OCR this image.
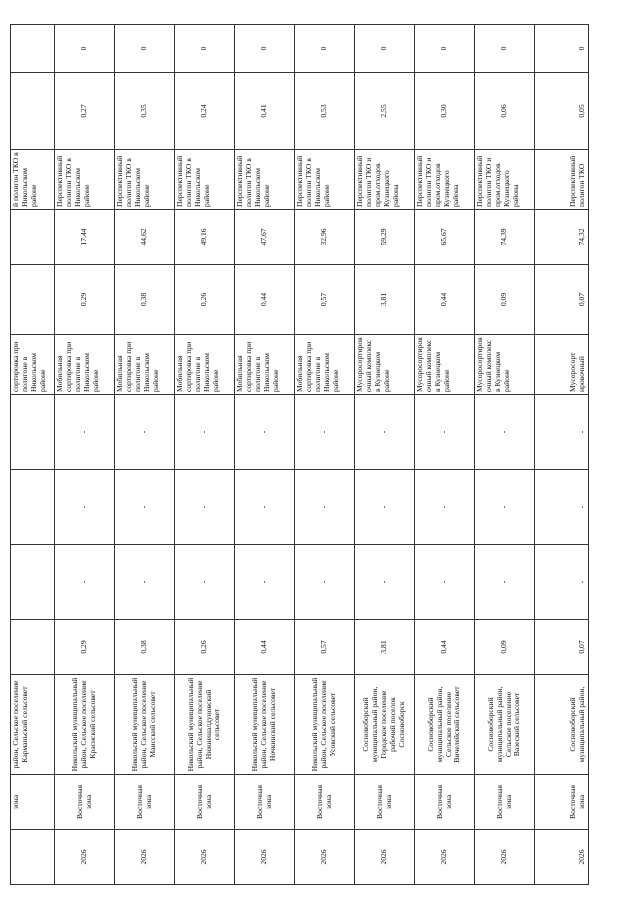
	зона	район, Сельское поселение Карманьский сельсовет					сортировка при полигоне в Никольском районе			й полигон ТКО в Никольском районе		
2026	Восточная зона	Никольский муниципальный район, Сельское поселение Краснский сельсовет	0,29	-	-	-	Мобильная сортировка при полигоне в Никольском районе	0,29	17,44	Перспективный полигон ТКО в Никольском районе	0,27	0
2026	Восточная зона	Никольский муниципальный район, Сельское поселение Маисский сельсовет	0,38	-	-	-	Мобильная сортировка при полигоне в Никольском районе	0,38	44,62	Перспективный полигон ТКО в Никольском районе	0,35	0
2026	Восточная зона	Никольский муниципальный район, Сельское поселение Нижнешалдуновский сельсовет	0,26	-	-	-	Мобильная сортировка при полигоне в Никольском районе	0,26	49,16	Перспективный полигон ТКО в Никольском районе	0,24	0
2026	Восточная зона	Никольский муниципальный район, Сельское поселение Ночкинский сельсовет	0,44	-	-	-	Мобильная сортировка при полигоне в Никольском районе	0,44	47,67	Перспективный полигон ТКО в Никольском районе	0,41	0
2026	Восточная зона	Никольский муниципальный район, Сельское поселение Усовский сельсовет	0,57	-	-	-	Мобильная сортировка при полигоне в Никольском районе	0,57	32,96	Перспективный полигон ТКО в Никольском районе	0,53	0
2026	Восточная зона	Сосновоборский муниципальный район, Городское поселение рабочий поселок Сосновоборск	3,81	-	-	-	Мусоросортировочный комплекс в Кузнецком районе	3,81	59,29	Перспективный полигон ТКО и пром.отходов Кузнецкого района	2,55	0
2026	Восточная зона	Сосновоборский муниципальный район, Сельское поселение Вичелейский сельсовет	0,44	-	-	-	Мусоросортировочный комплекс в Кузнецком районе	0,44	65,67	Перспективный полигон ТКО и пром.отходов Кузнецкого района	0,30	0
2026	Восточная зона	Сосновоборский муниципальный район, Сельское поселение Вазеский сельсовет	0,09	-	-	-	Мусоросортировочный комплекс в Кузнецком районе	0,09	74,39	Перспективный полигон ТКО и пром.отходов Кузнецкого района	0,06	0
2026	Восточная зона	Сосновоборский муниципальный район,	0,07	-	-	-	Мусоросорт ировочный	0,07	74,32	Перспективный полигон ТКО	0,05	0
